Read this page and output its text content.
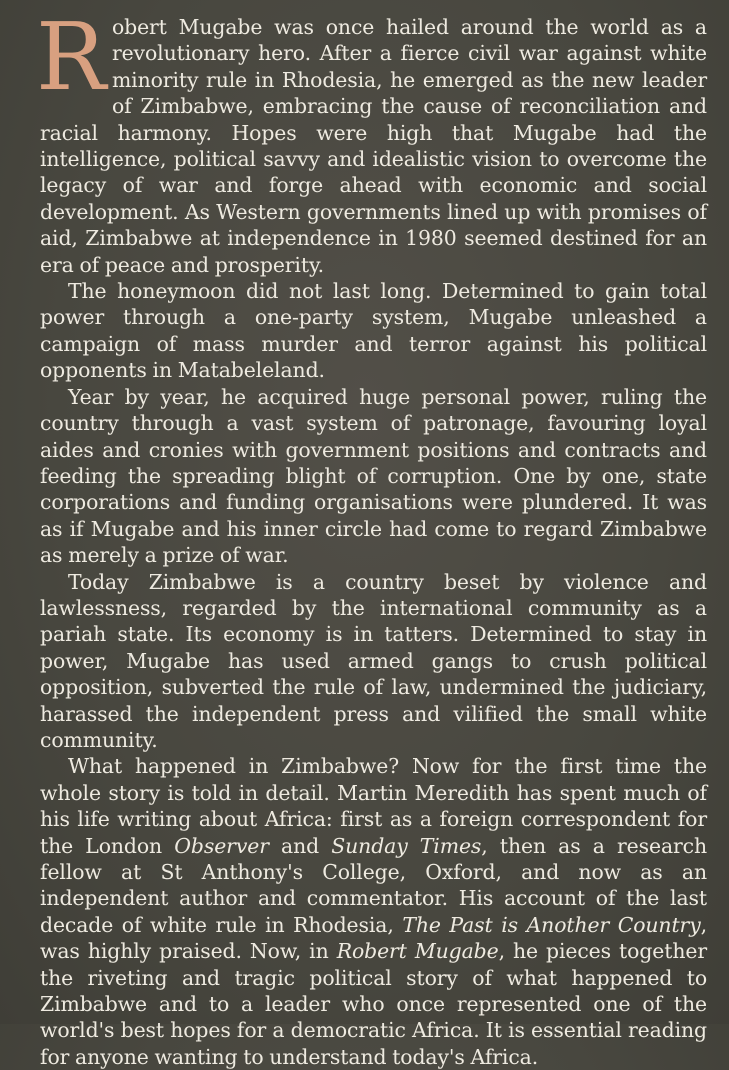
Robert Mugabe was once hailed around the world as a revolutionary hero. After a fierce civil war against white minority rule in Rhodesia, he emerged as the new leader of Zimbabwe, embracing the cause of reconciliation and racial harmony. Hopes were high that Mugabe had the intelligence, political savvy and idealistic vision to overcome the legacy of war and forge ahead with economic and social development. As Western governments lined up with promises of aid, Zimbabwe at independence in 1980 seemed destined for an era of peace and prosperity.

The honeymoon did not last long. Determined to gain total power through a one-party system, Mugabe unleashed a campaign of mass murder and terror against his political opponents in Matabeleland.

Year by year, he acquired huge personal power, ruling the country through a vast system of patronage, favouring loyal aides and cronies with government positions and contracts and feeding the spreading blight of corruption. One by one, state corporations and funding organisations were plundered. It was as if Mugabe and his inner circle had come to regard Zimbabwe as merely a prize of war.

Today Zimbabwe is a country beset by violence and lawlessness, regarded by the international community as a pariah state. Its economy is in tatters. Determined to stay in power, Mugabe has used armed gangs to crush political opposition, subverted the rule of law, undermined the judiciary, harassed the independent press and vilified the small white community.

What happened in Zimbabwe? Now for the first time the whole story is told in detail. Martin Meredith has spent much of his life writing about Africa: first as a foreign correspondent for the London Observer and Sunday Times, then as a research fellow at St Anthony's College, Oxford, and now as an independent author and commentator. His account of the last decade of white rule in Rhodesia, The Past is Another Country, was highly praised. Now, in Robert Mugabe, he pieces together the riveting and tragic political story of what happened to Zimbabwe and to a leader who once represented one of the world's best hopes for a democratic Africa. It is essential reading for anyone wanting to understand today's Africa.
